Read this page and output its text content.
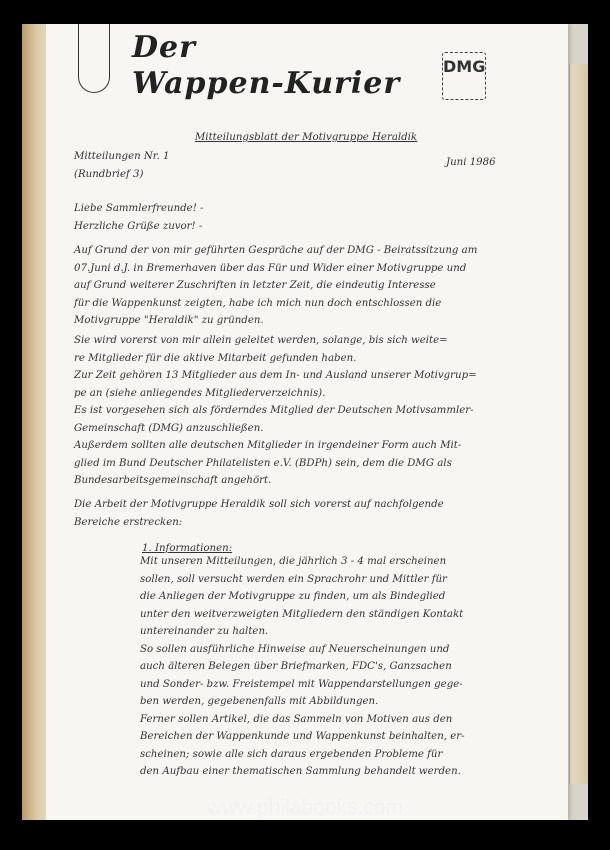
Der
Wappen-Kurier	DMG
Mitteilungsblatt der Motivgruppe Heraldik
Mitteilungen Nr. 1
(Rundbrief 3)
Juni 1986
Liebe Sammlerfreunde! -
Herzliche Grüße zuvor! -
Auf Grund der von mir geführten Gespräche auf der DMG - Beiratssitzung am
07.Juni d.J. in Bremerhaven über das Für und Wider einer Motivgruppe und
auf Grund weiterer Zuschriften in letzter Zeit, die eindeutig Interesse
für die Wappenkunst zeigten, habe ich mich nun doch entschlossen die
Motivgruppe "Heraldik" zu gründen.
Sie wird vorerst von mir allein geleitet werden, solange, bis sich weite=
re Mitglieder für die aktive Mitarbeit gefunden haben.
Zur Zeit gehören 13 Mitglieder aus dem In- und Ausland unserer Motivgrup=
pe an (siehe anliegendes Mitgliederverzeichnis).
Es ist vorgesehen sich als förderndes Mitglied der Deutschen Motivsammler-
Gemeinschaft (DMG) anzuschließen.
Außerdem sollten alle deutschen Mitglieder in irgendeiner Form auch Mit-
glied im Bund Deutscher Philatelisten e.V. (BDPh) sein, dem die DMG als
Bundesarbeitsgemeinschaft angehört.
Die Arbeit der Motivgruppe Heraldik soll sich vorerst auf nachfolgende
Bereiche erstrecken:
1. Informationen:
Mit unseren Mitteilungen, die jährlich 3 - 4 mal erscheinen
sollen, soll versucht werden ein Sprachrohr und Mittler für
die Anliegen der Motivgruppe zu finden, um als Bindeglied
unter den weitverzweigten Mitgliedern den ständigen Kontakt
untereinander zu halten.
So sollen ausführliche Hinweise auf Neuerscheinungen und
auch älteren Belegen über Briefmarken, FDC's, Ganzsachen
und Sonder- bzw. Freistempel mit Wappendarstellungen gege-
ben werden, gegebenenfalls mit Abbildungen.
Ferner sollen Artikel, die das Sammeln von Motiven aus den
Bereichen der Wappenkunde und Wappenkunst beinhalten, er-
scheinen; sowie alle sich daraus ergebenden Probleme für
den Aufbau einer thematischen Sammlung behandelt werden.
www.philabooks.com
